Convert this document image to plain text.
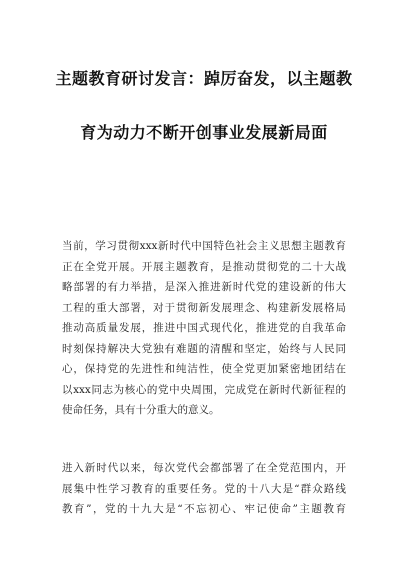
主题教育研讨发言：踔厉奋发，以主题教
育为动力不断开创事业发展新局面
当前，学习贯彻xxx新时代中国特色社会主义思想主题教育
正在全党开展。开展主题教育，是推动贯彻党的二十大战
略部署的有力举措，是深入推进新时代党的建设新的伟大
工程的重大部署，对于贯彻新发展理念、构建新发展格局
推动高质量发展，推进中国式现代化，推进党的自我革命
时刻保持解决大党独有难题的清醒和坚定，始终与人民同
心，保持党的先进性和纯洁性，使全党更加紧密地团结在
以xxx同志为核心的党中央周围，完成党在新时代新征程的
使命任务，具有十分重大的意义。
进入新时代以来，每次党代会都部署了在全党范围内，开
展集中性学习教育的重要任务。党的十八大是“群众路线
教育”，党的十九大是“不忘初心、牢记使命”主题教育
